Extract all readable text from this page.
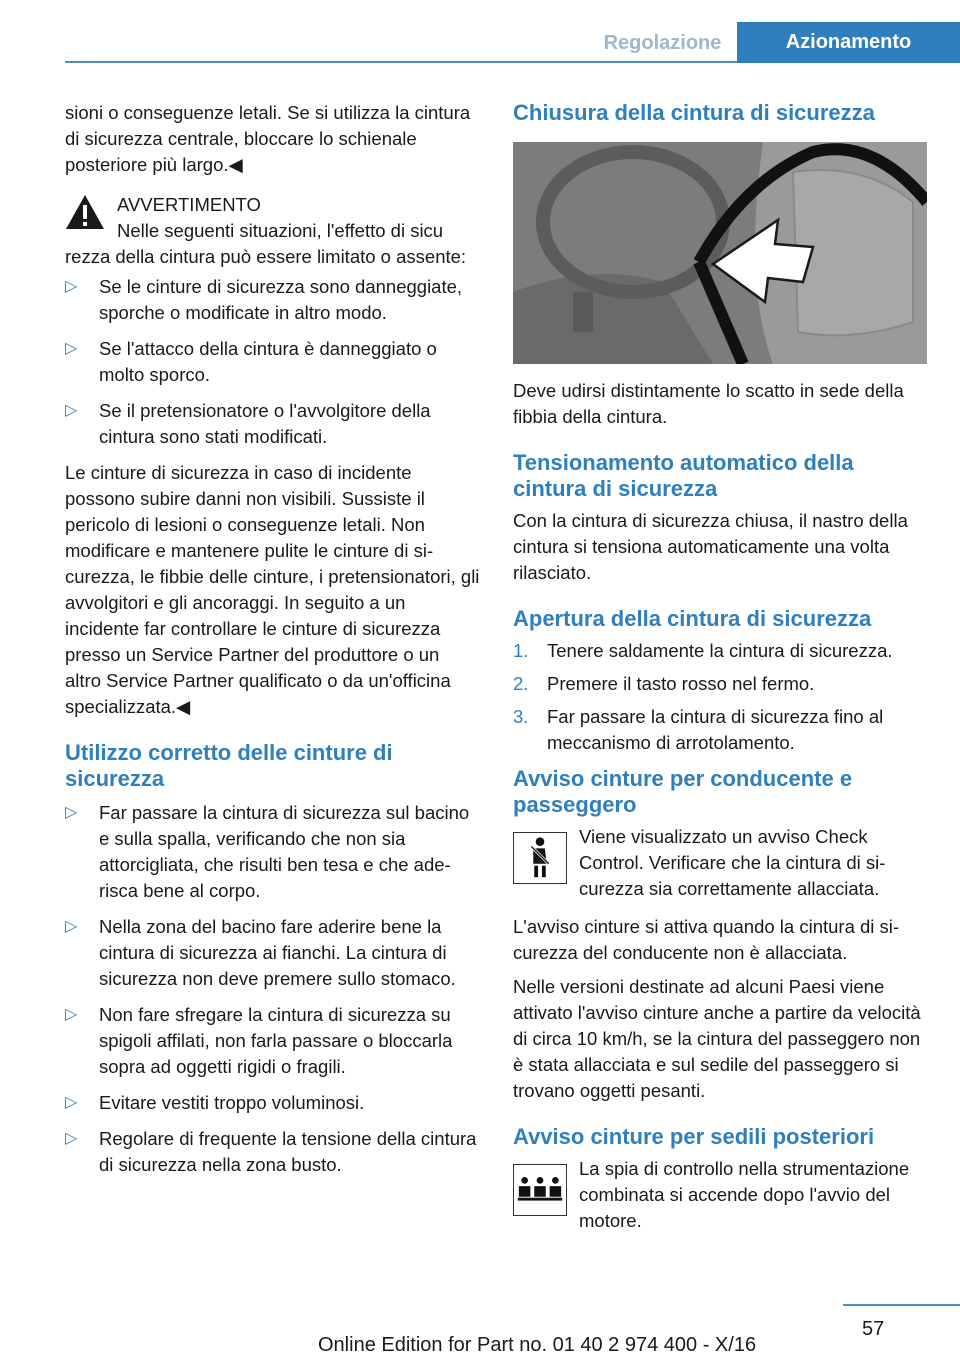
Regolazione	Azionamento

sioni o conseguenze letali. Se si utilizza la cintura di sicurezza centrale, bloccare lo schienale posteriore più largo.◀

AVVERTIMENTO
Nelle seguenti situazioni, l'effetto di sicu
rezza della cintura può essere limitato o assente:
▷ Se le cinture di sicurezza sono danneggiate, sporche o modificate in altro modo.
▷ Se l'attacco della cintura è danneggiato o molto sporco.
▷ Se il pretensionatore o l'avvolgitore della cintura sono stati modificati.

Le cinture di sicurezza in caso di incidente possono subire danni non visibili. Sussiste il pericolo di lesioni o conseguenze letali. Non modificare e mantenere pulite le cinture di sicurezza, le fibbie delle cinture, i pretensionatori, gli avvolgitori e gli ancoraggi. In seguito a un incidente far controllare le cinture di sicurezza presso un Service Partner del produttore o un altro Service Partner qualificato o da un'officina specializzata.◀

Utilizzo corretto delle cinture di sicurezza
▷ Far passare la cintura di sicurezza sul bacino e sulla spalla, verificando che non sia attorcigliata, che risulti ben tesa e che aderisca bene al corpo.
▷ Nella zona del bacino fare aderire bene la cintura di sicurezza ai fianchi. La cintura di sicurezza non deve premere sullo stomaco.
▷ Non fare sfregare la cintura di sicurezza su spigoli affilati, non farla passare o bloccarla sopra ad oggetti rigidi o fragili.
▷ Evitare vestiti troppo voluminosi.
▷ Regolare di frequente la tensione della cintura di sicurezza nella zona busto.
Chiusura della cintura di sicurezza

Deve udirsi distintamente lo scatto in sede della fibbia della cintura.

Tensionamento automatico della cintura di sicurezza

Con la cintura di sicurezza chiusa, il nastro della cintura si tensiona automaticamente una volta rilasciato.

Apertura della cintura di sicurezza
1. Tenere saldamente la cintura di sicurezza.
2. Premere il tasto rosso nel fermo.
3. Far passare la cintura di sicurezza fino al meccanismo di arrotolamento.
Avviso cinture per conducente e passeggero
Viene visualizzato un avviso Check Control. Verificare che la cintura di sicurezza sia correttamente allacciata.

L'avviso cinture si attiva quando la cintura di sicurezza del conducente non è allacciata.

Nelle versioni destinate ad alcuni Paesi viene attivato l'avviso cinture anche a partire da velocità di circa 10 km/h, se la cintura del passeggero non è stata allacciata e sul sedile del passeggero si trovano oggetti pesanti.

Avviso cinture per sedili posteriori
La spia di controllo nella strumentazione combinata si accende dopo l'avvio del motore.
57
Online Edition for Part no. 01 40 2 974 400 - X/16
